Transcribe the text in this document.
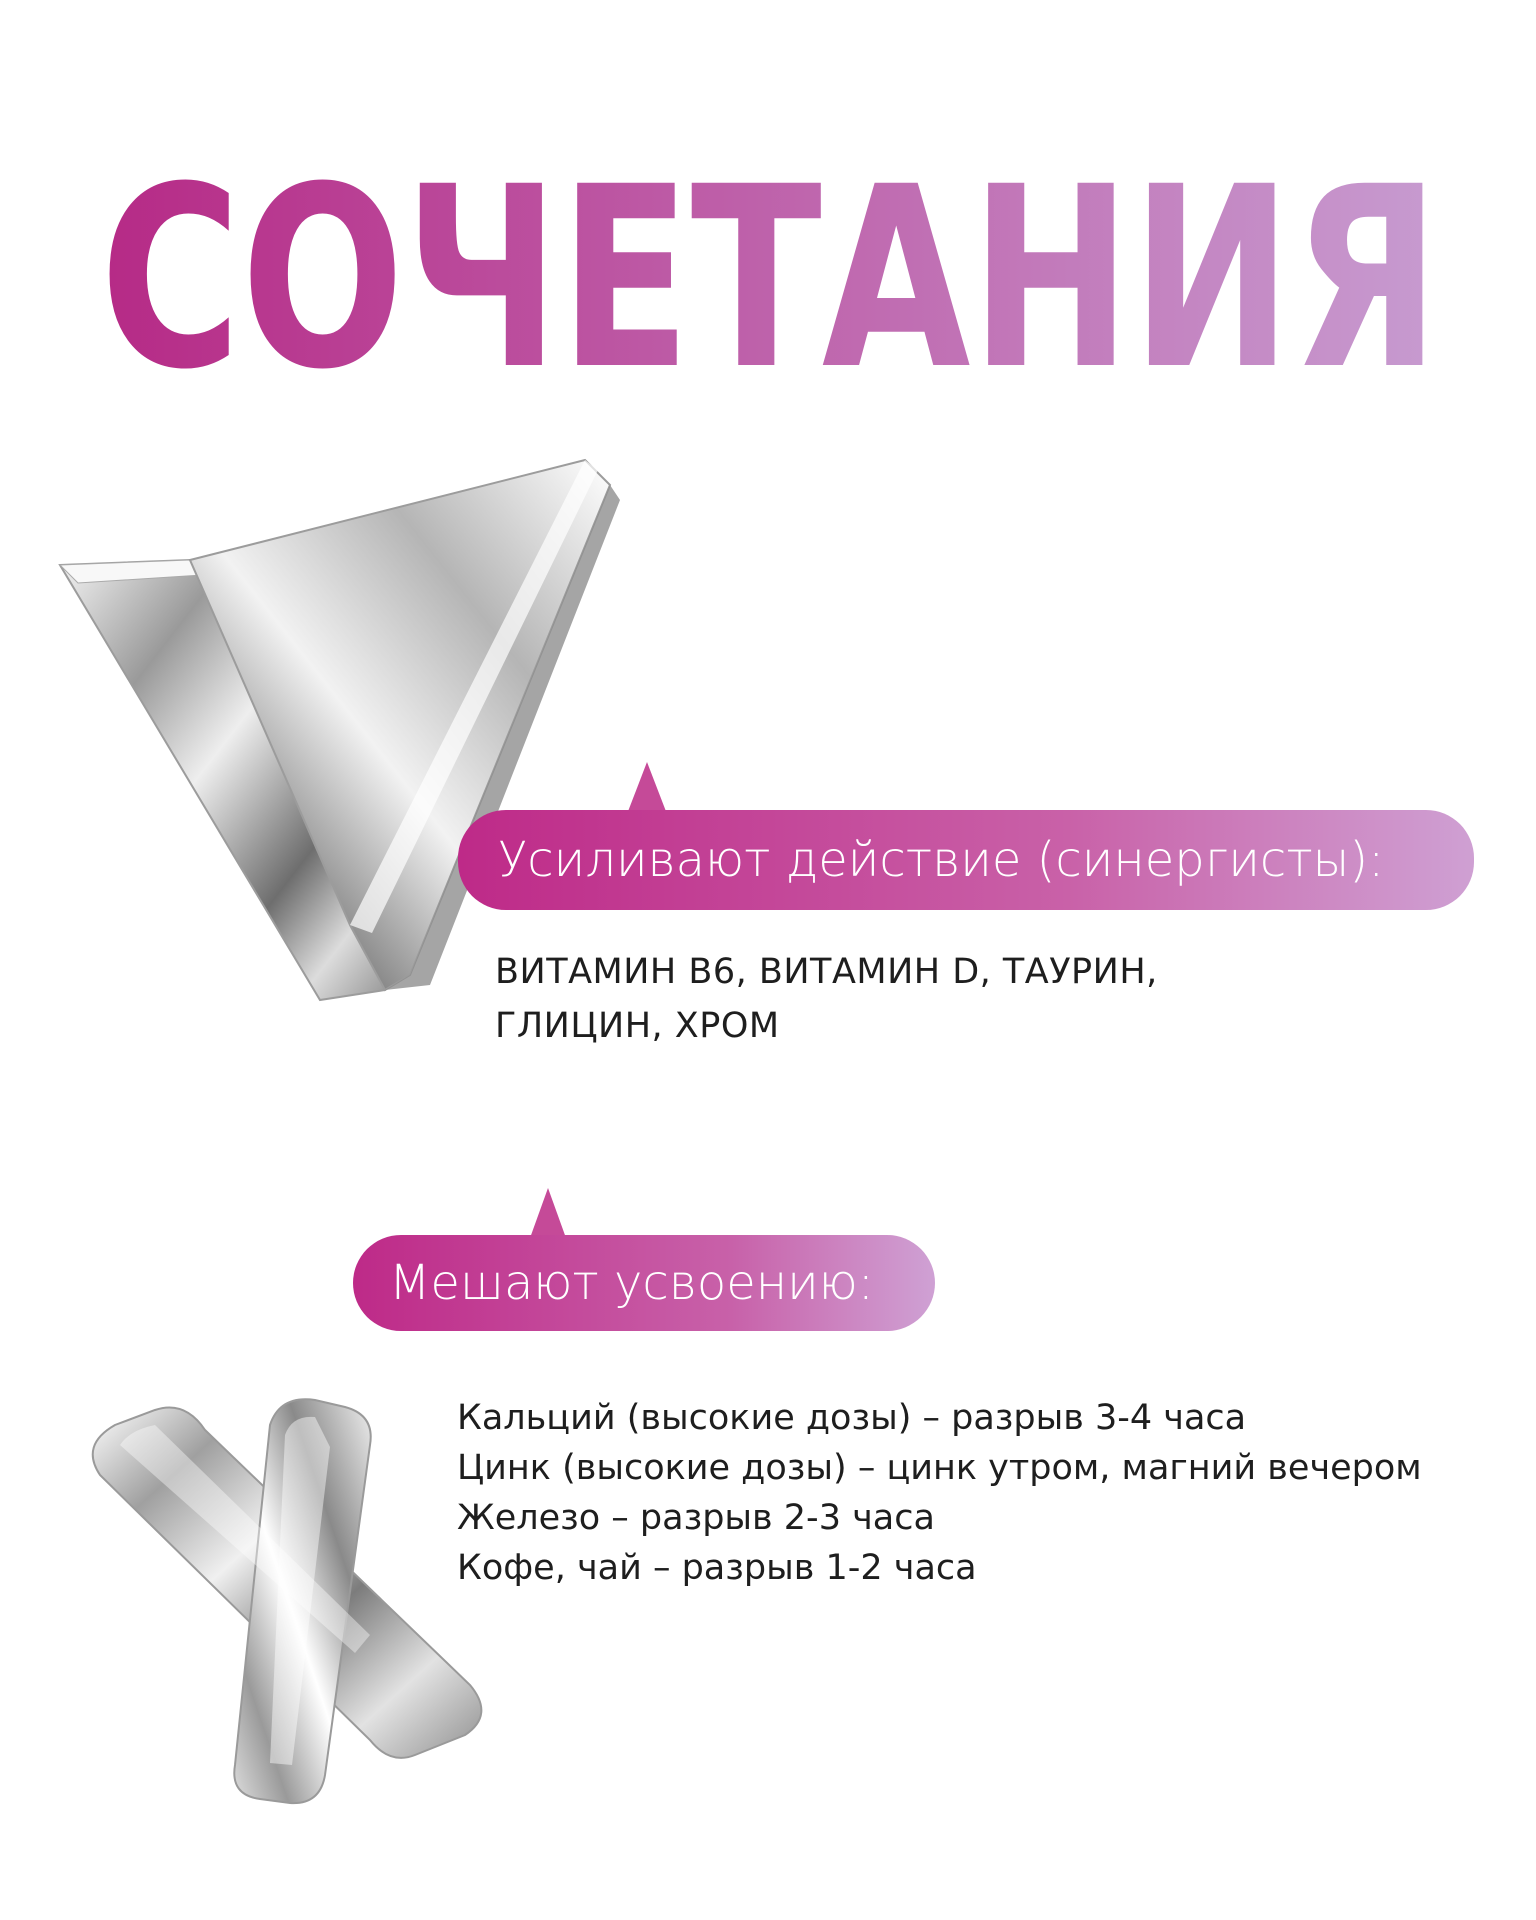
СОЧЕТАНИЯ
Усиливают действие (синергисты):
ВИТАМИН В6, ВИТАМИН D, ТАУРИН,
ГЛИЦИН, ХРОМ
Мешают усвоению:
Кальций (высокие дозы) – разрыв 3-4 часа
Цинк (высокие дозы) – цинк утром, магний вечером
Железо – разрыв 2-3 часа
Кофе, чай – разрыв 1-2 часа
